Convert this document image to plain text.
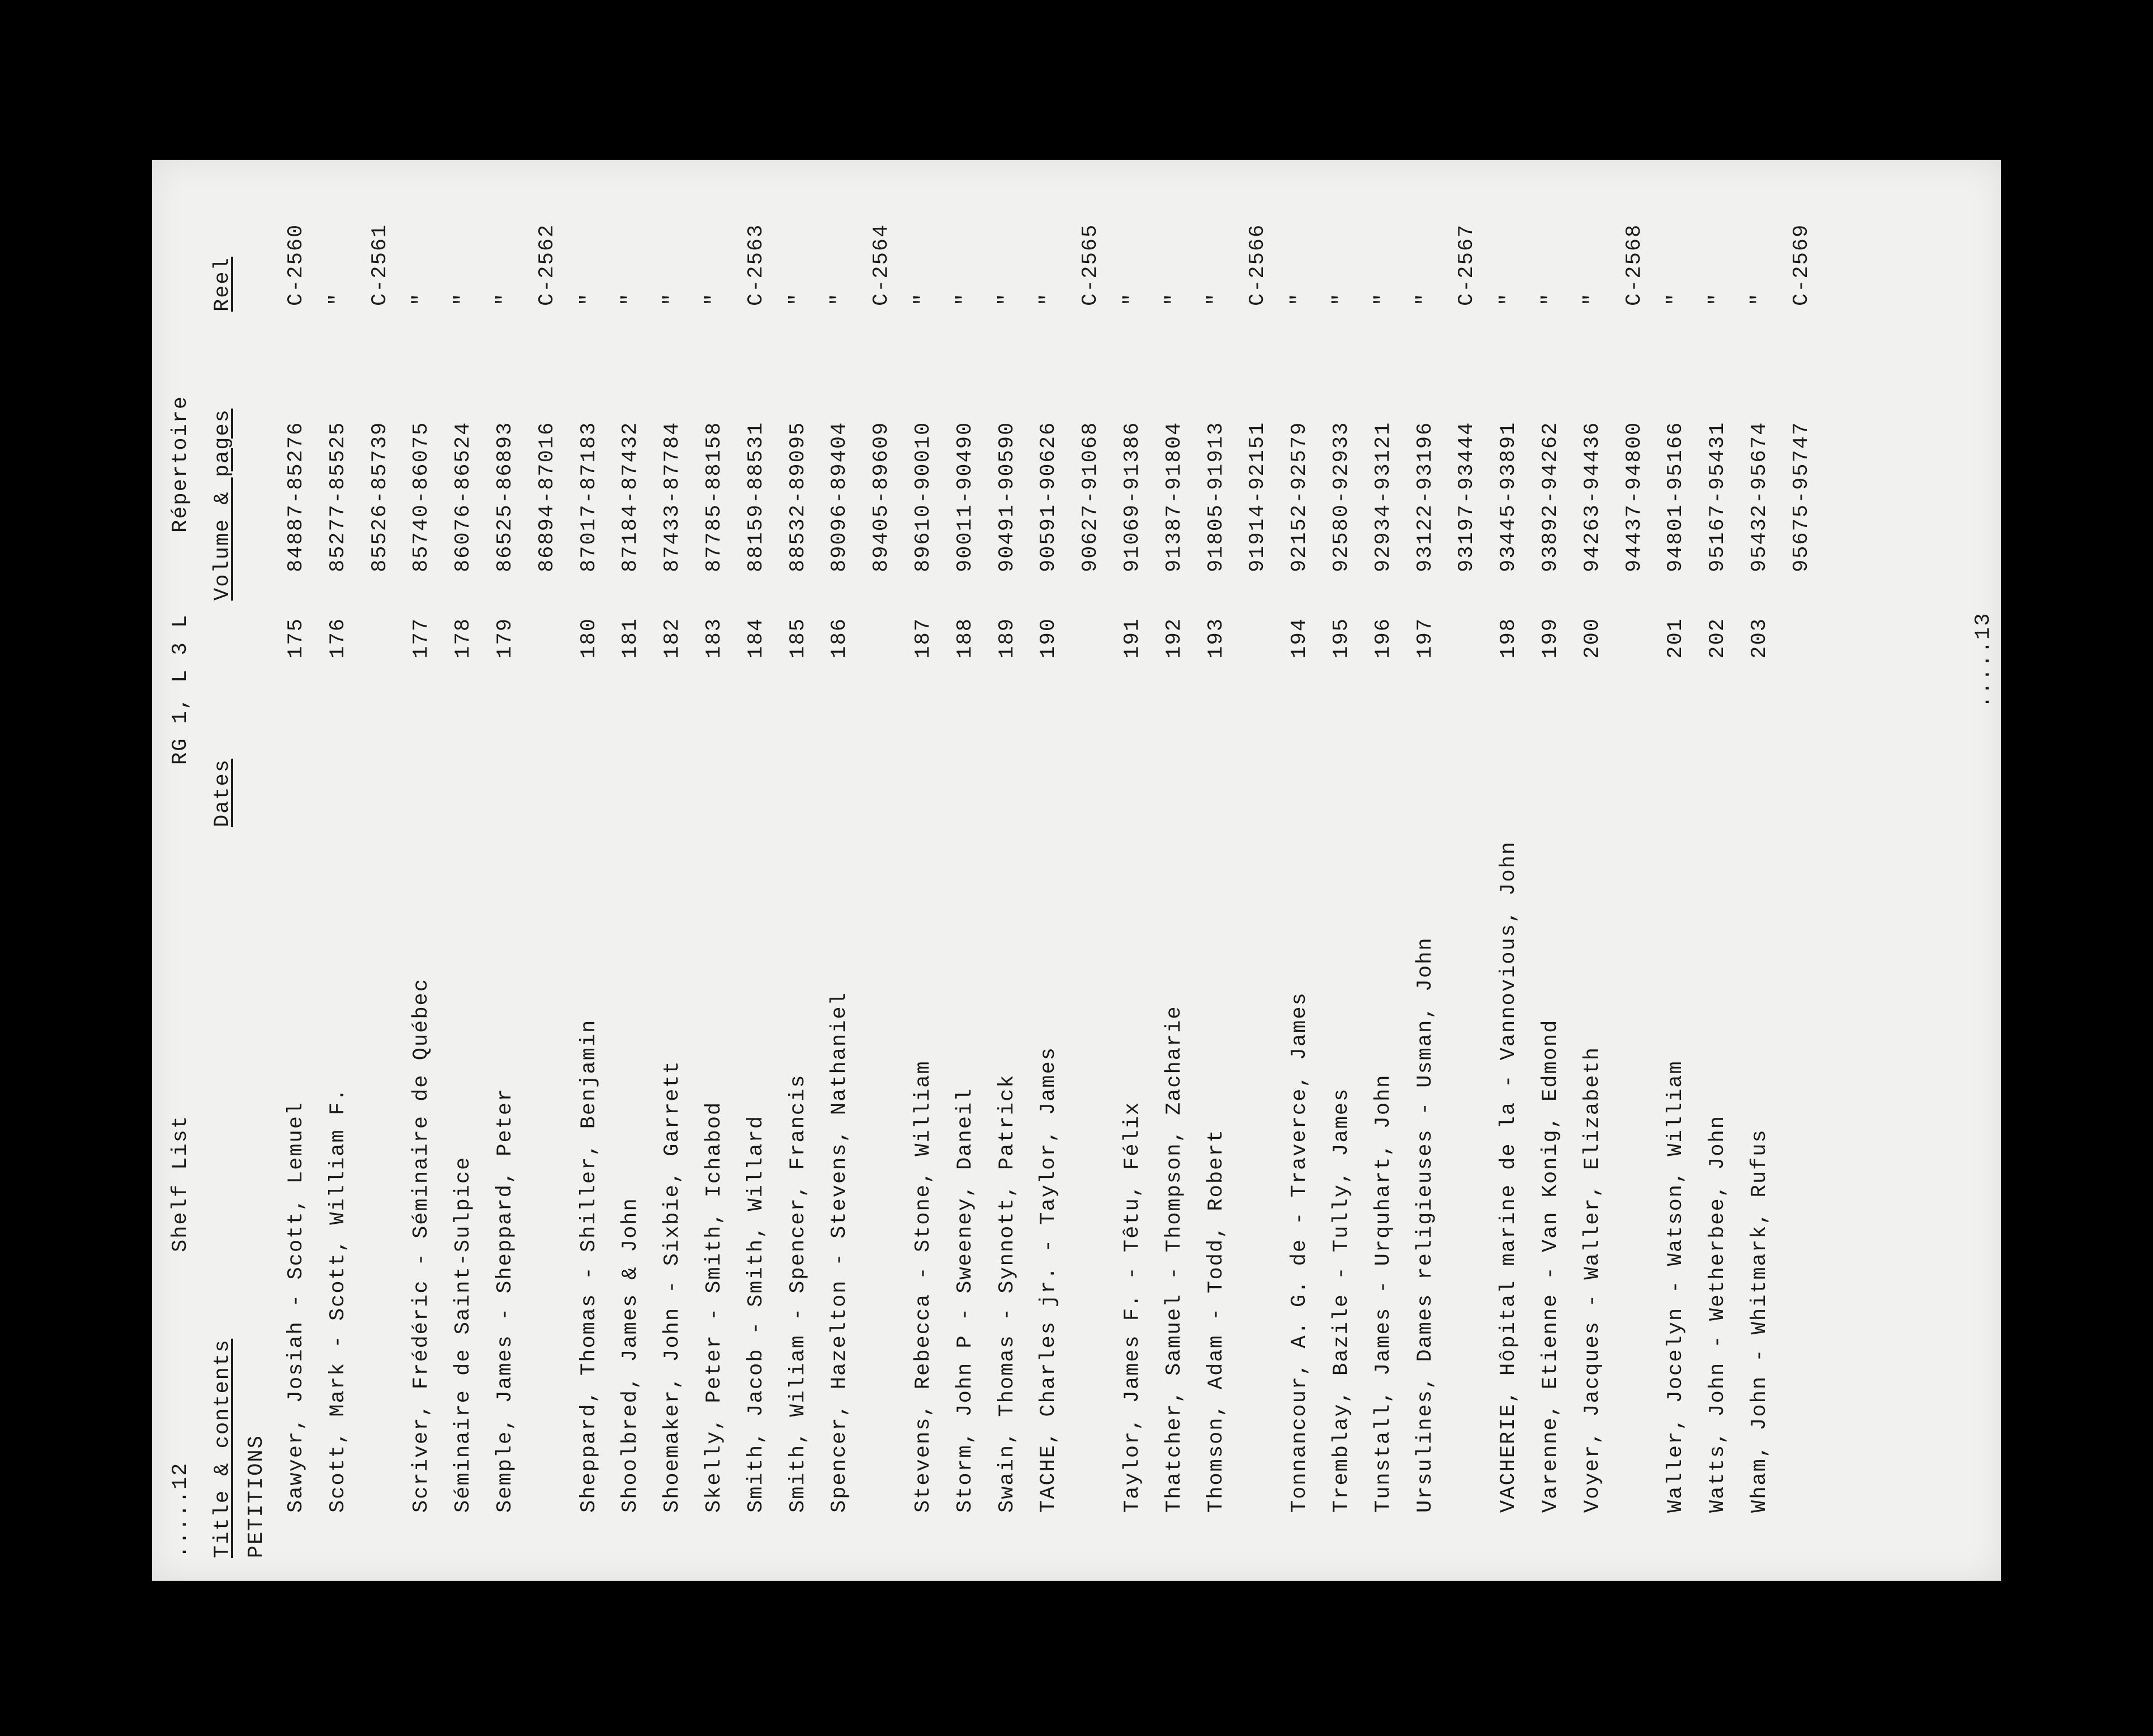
.....12
Shelf List
RG 1, L 3 L
Répertoire
Title & contents
Dates
Volume & pages
Reel
PETITIONS Sawyer, Josiah - Scott, Lemuel
175
84887-85276
C-2560
Scott, Mark - Scott, William F.
176
85277-85525
"
85526-85739
C-2561
Scriver, Frédéric - Séminaire de Québec
177
85740-86075
"
Séminaire de Saint-Sulpice
178
86076-86524
"
Semple, James - Sheppard, Peter
179
86525-86893
"
86894-87016
C-2562
Sheppard, Thomas - Shiller, Benjamin
180
87017-87183
"
Shoolbred, James & John
181
87184-87432
"
Shoemaker, John - Sixbie, Garrett
182
87433-87784
"
Skelly, Peter - Smith, Ichabod
183
87785-88158
"
Smith, Jacob - Smith, Willard
184
88159-88531
C-2563
Smith, Wiliam - Spencer, Francis
185
88532-89095
"
Spencer, Hazelton - Stevens, Nathaniel
186
89096-89404
"
89405-89609
C-2564
Stevens, Rebecca - Stone, William
187
89610-90010
"
Storm, John P - Sweeney, Daneil
188
90011-90490
"
Swain, Thomas - Synnott, Patrick
189
90491-90590
"
TACHE, Charles jr. - Taylor, James
190
90591-90626
"
90627-91068
C-2565
Taylor, James F. - Têtu, Félix
191
91069-91386
"
Thatcher, Samuel - Thompson, Zacharie
192
91387-91804
"
Thomson, Adam - Todd, Robert
193
91805-91913
"
91914-92151
C-2566
Tonnancour, A. G. de - Traverce, James
194
92152-92579
"
Tremblay, Bazile - Tully, James
195
92580-92933
"
Tunstall, James - Urquhart, John
196
92934-93121
"
Ursulines, Dames religieuses - Usman, John
197
93122-93196
"
93197-93444
C-2567
VACHERIE, Hôpital marine de la - Vannovious, John
198
93445-93891
"
Varenne, Etienne - Van Konig, Edmond
199
93892-94262
"
Voyer, Jacques - Waller, Elizabeth
200
94263-94436
"
94437-94800
C-2568
Waller, Jocelyn - Watson, William
201
94801-95166
"
Watts, John - Wetherbee, John
202
95167-95431
"
Wham, John - Whitmark, Rufus
203
95432-95674
"
95675-95747
C-2569
.....13
